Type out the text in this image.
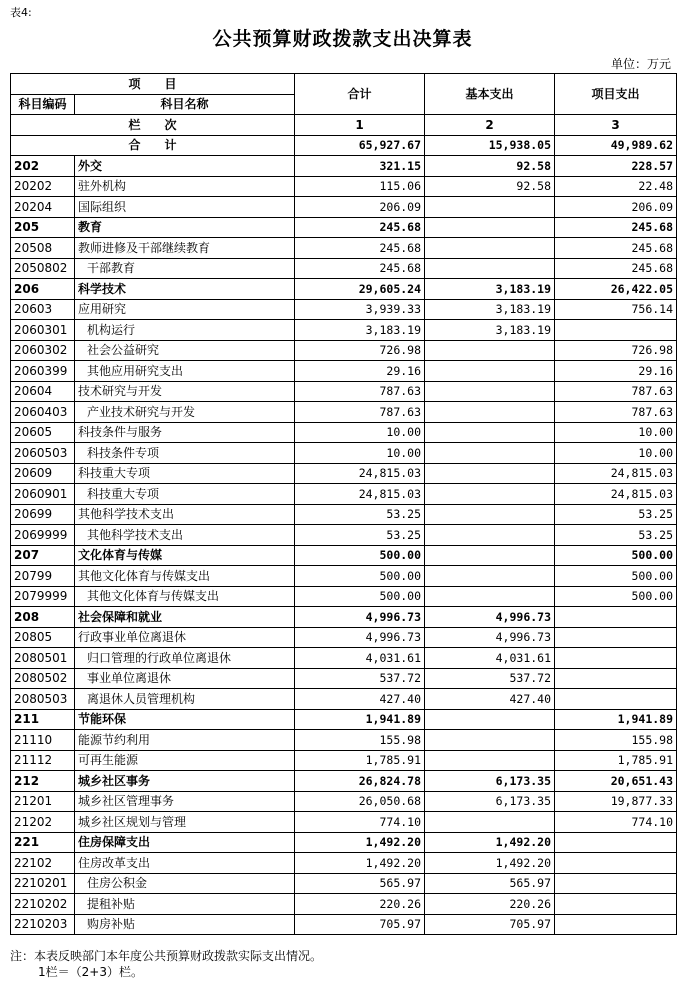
表4:
公共预算财政拨款支出决算表
单位：万元
项　　目		合计	基本支出	项目支出
科目编码	科目名称			
栏　　次		1	2	3
合　　计		65,927.67	15,938.05	49,989.62
202	外交	321.15	92.58	228.57
20202	驻外机构	115.06	92.58	22.48
20204	国际组织	206.09		206.09
205	教育	245.68		245.68
20508	教师进修及干部继续教育	245.68		245.68
2050802	干部教育	245.68		245.68
206	科学技术	29,605.24	3,183.19	26,422.05
20603	应用研究	3,939.33	3,183.19	756.14
2060301	机构运行	3,183.19	3,183.19	
2060302	社会公益研究	726.98		726.98
2060399	其他应用研究支出	29.16		29.16
20604	技术研究与开发	787.63		787.63
2060403	产业技术研究与开发	787.63		787.63
20605	科技条件与服务	10.00		10.00
2060503	科技条件专项	10.00		10.00
20609	科技重大专项	24,815.03		24,815.03
2060901	科技重大专项	24,815.03		24,815.03
20699	其他科学技术支出	53.25		53.25
2069999	其他科学技术支出	53.25		53.25
207	文化体育与传媒	500.00		500.00
20799	其他文化体育与传媒支出	500.00		500.00
2079999	其他文化体育与传媒支出	500.00		500.00
208	社会保障和就业	4,996.73	4,996.73	
20805	行政事业单位离退休	4,996.73	4,996.73	
2080501	归口管理的行政单位离退休	4,031.61	4,031.61	
2080502	事业单位离退休	537.72	537.72	
2080503	离退休人员管理机构	427.40	427.40	
211	节能环保	1,941.89		1,941.89
21110	能源节约利用	155.98		155.98
21112	可再生能源	1,785.91		1,785.91
212	城乡社区事务	26,824.78	6,173.35	20,651.43
21201	城乡社区管理事务	26,050.68	6,173.35	19,877.33
21202	城乡社区规划与管理	774.10		774.10
221	住房保障支出	1,492.20	1,492.20	
22102	住房改革支出	1,492.20	1,492.20	
2210201	住房公积金	565.97	565.97	
2210202	提租补贴	220.26	220.26	
2210203	购房补贴	705.97	705.97	
注：本表反映部门本年度公共预算财政拨款实际支出情况。
1栏＝（2+3）栏。
